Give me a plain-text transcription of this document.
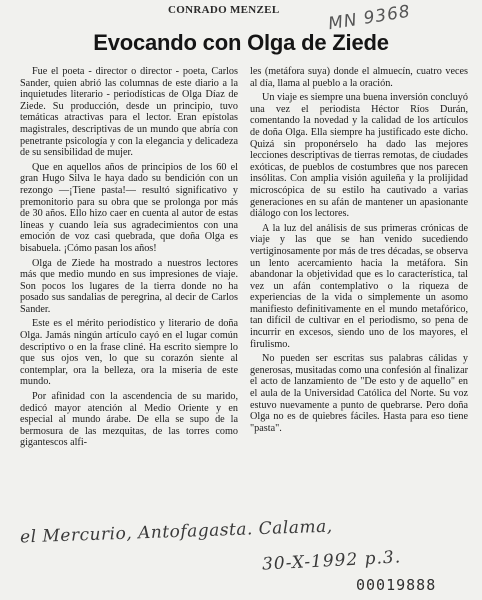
CONRADO MENZEL	MN 9368
Evocando con Olga de Ziede

Fue el poeta - director o director - poeta, Carlos Sander, quien abrió las columnas de este diario a la inquietudes literario - periodísticas de Olga Díaz de Ziede. Su producción, desde un principio, tuvo temáticas atractivas para el lector. Eran epístolas magistrales, descriptivas de un mundo que abría con penetrante psicología y con la elegancia y delicadeza de su sensibilidad de mujer.

Que en aquellos años de principios de los 60 el gran Hugo Silva le haya dado su bendición con un rezongo —¡Tiene pasta!— resultó significativo y premonitorio para su obra que se prolonga por más de 30 años. Ello hizo caer en cuenta al autor de estas líneas y cuando leía sus agradecimientos con una emoción de voz casi quebrada, que doña Olga es bisabuela. ¡Cómo pasan los años!

Olga de Ziede ha mostrado a nuestros lectores más que medio mundo en sus impresiones de viaje. Son pocos los lugares de la tierra donde no ha posado sus sandalias de peregrina, al decir de Carlos Sander.

Este es el mérito periodístico y literario de doña Olga. Jamás ningún artículo cayó en el lugar común descriptivo o en la frase cliné. Ha escrito siempre lo que sus ojos ven, lo que su corazón siente al contemplar, ora la belleza, ora la miseria de este mundo.

Por afinidad con la ascendencia de su marido, dedicó mayor atención al Medio Oriente y en especial al mundo árabe. De ella se supo de la bermosura de las mezquitas, de las torres como gigantescos alfi-

les (metáfora suya) donde el almuecín, cuatro veces al día, llama al pueblo a la oración.

Un viaje es siempre una buena inversión concluyó una vez el periodista Héctor Ríos Durán, comentando la novedad y la calidad de los artículos de doña Olga. Ella siempre ha justificado este dicho. Quizá sin proponérselo ha dado las mejores lecciones descriptivas de tierras remotas, de ciudades exóticas, de pueblos de costumbres que nos parecen insólitas. Con amplia visión aguileña y la prolijidad microscópica de su estilo ha cautivado a varias generaciones en su afán de mantener un apasionante diálogo con los lectores.

A la luz del análisis de sus primeras crónicas de viaje y las que se han venido sucediendo vertiginosamente por más de tres décadas, se observa un lento acercamiento hacia la metáfora. Sin abandonar la objetividad que es lo característica, tal vez un afán contemplativo o la riqueza de experiencias de la vida o simplemente un asomo manifiesto definitivamente en el mundo metafórico, tan difícil de cultivar en el periodismo, so pena de incurrir en excesos, siendo uno de los mayores, el firulismo.

No pueden ser escritas sus palabras cálidas y generosas, musitadas como una confesión al finalizar el acto de lanzamiento de "De esto y de aquello" en el aula de la Universidad Católica del Norte. Su voz estuvo nuevamente a punto de quebrarse. Pero doña Olga no es de quiebres fáciles. Hasta para eso tiene "pasta".

el Mercurio, Antofagasta. Calama,
30-X-1992 p.3.
00019888
